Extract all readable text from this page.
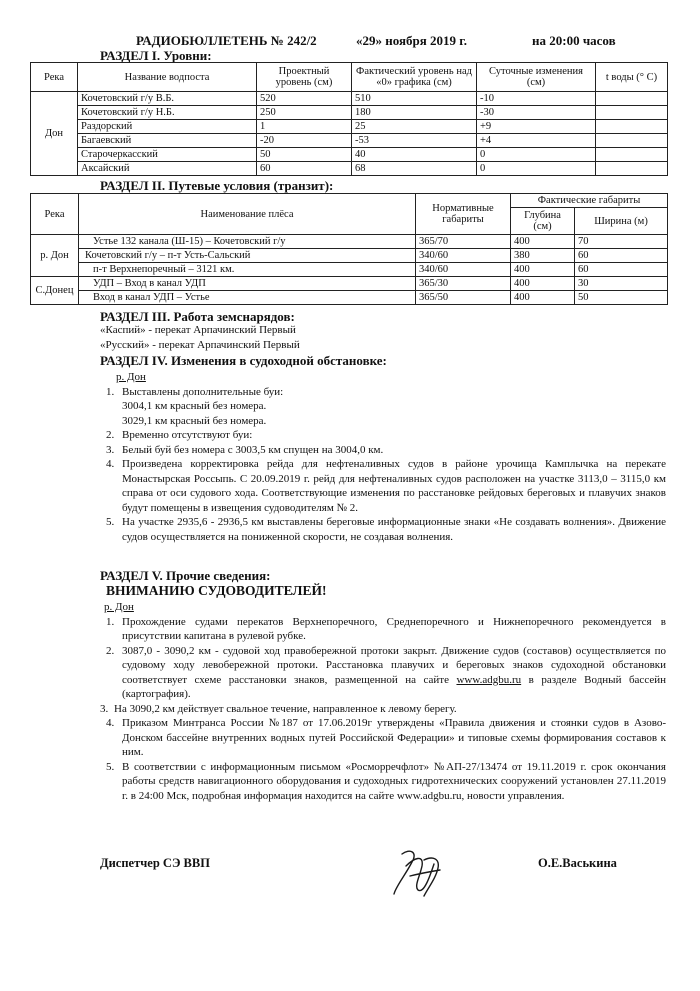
РАДИОБЮЛЛЕТЕНЬ № 242/2	«29» ноября 2019 г.	на 20:00 часов
РАЗДЕЛ I. Уровни:
Река	Название водпоста	Проектный уровень (см)	Фактический уровень над «0» графика (см)	Суточные изменения (см)	t воды (° С)
Дон	Кочетовский г/у В.Б.	520	510	-10	
	Кочетовский г/у Н.Б.	250	180	-30	
	Раздорский	1	25	+9	
	Багаевский	-20	-53	+4	
	Старочеркасский	50	40	0	
	Аксайский	60	68	0	
РАЗДЕЛ II. Путевые условия (транзит):
Река	Наименование плёса	Нормативные габариты	Фактические габариты	
			Глубина (см)	Ширина (м)
р. Дон	Устье 132 канала (Ш-15) – Кочетовский г/у	365/70	400	70
	Кочетовский г/у – п-т Усть-Сальский	340/60	380	60
	п-т Верхнепоречный – 3121 км.	340/60	400	60
С.Донец	УДП – Вход в канал УДП	365/30	400	30
	Вход в канал УДП – Устье	365/50	400	50
РАЗДЕЛ III. Работа земснарядов:

«Каспий» - перекат Арпачинский Первый

«Русский» - перекат Арпачинский Первый

РАЗДЕЛ IV. Изменения в судоходной обстановке:

р. Дон

1. Выставлены дополнительные буи:

3004,1 км красный без номера.

3029,1 км красный без номера.

2. Временно отсутствуют буи:
3. Белый буй без номера с 3003,5 км спущен на 3004,0 км.
4. Произведена корректировка рейда для нефтеналивных судов в районе урочища Камплычка на перекате Монастырская Россыпь. С 20.09.2019 г. рейд для нефтеналивных судов расположен на участке 3113,0 – 3115,0 км справа от оси судового хода. Соответствующие изменения по расстановке рейдовых береговых и плавучих знаков будут помещены в извещения судоводителям № 2.
5. На участке 2935,6 - 2936,5 км выставлены береговые информационные знаки «Не создавать волнения». Движение судов осуществляется на пониженной скорости, не создавая волнения.
РАЗДЕЛ V. Прочие сведения:
ВНИМАНИЮ СУДОВОДИТЕЛЕЙ!

р. Дон

1. Прохождение судами перекатов Верхнепоречного, Среднепоречного и Нижнепоречного рекомендуется в присутствии капитана в рулевой рубке.
2. 3087,0 - 3090,2 км - судовой ход правобережной протоки закрыт. Движение судов (составов) осуществляется по судовому ходу левобережной протоки. Расстановка плавучих и береговых знаков судоходной обстановки соответствует схеме расстановки знаков, размещенной на сайте www.adgbu.ru в разделе Водный бассейн (картография).
3. На 3090,2 км действует свальное течение, направленное к левому берегу.
4. Приказом Минтранса России №187 от 17.06.2019г утверждены «Правила движения и стоянки судов в Азово-Донском бассейне внутренних водных путей Российской Федерации» и типовые схемы формирования составов к ним.
5. В соответствии с информационным письмом «Росморречфлот» №АП-27/13474 от 19.11.2019 г. срок окончания работы средств навигационного оборудования и судоходных гидротехнических сооружений установлен 27.11.2019 г. в 24:00 Мск, подробная информация находится на сайте www.adgbu.ru, новости управления.
Диспетчер СЭ ВВП	О.Е.Васькина
